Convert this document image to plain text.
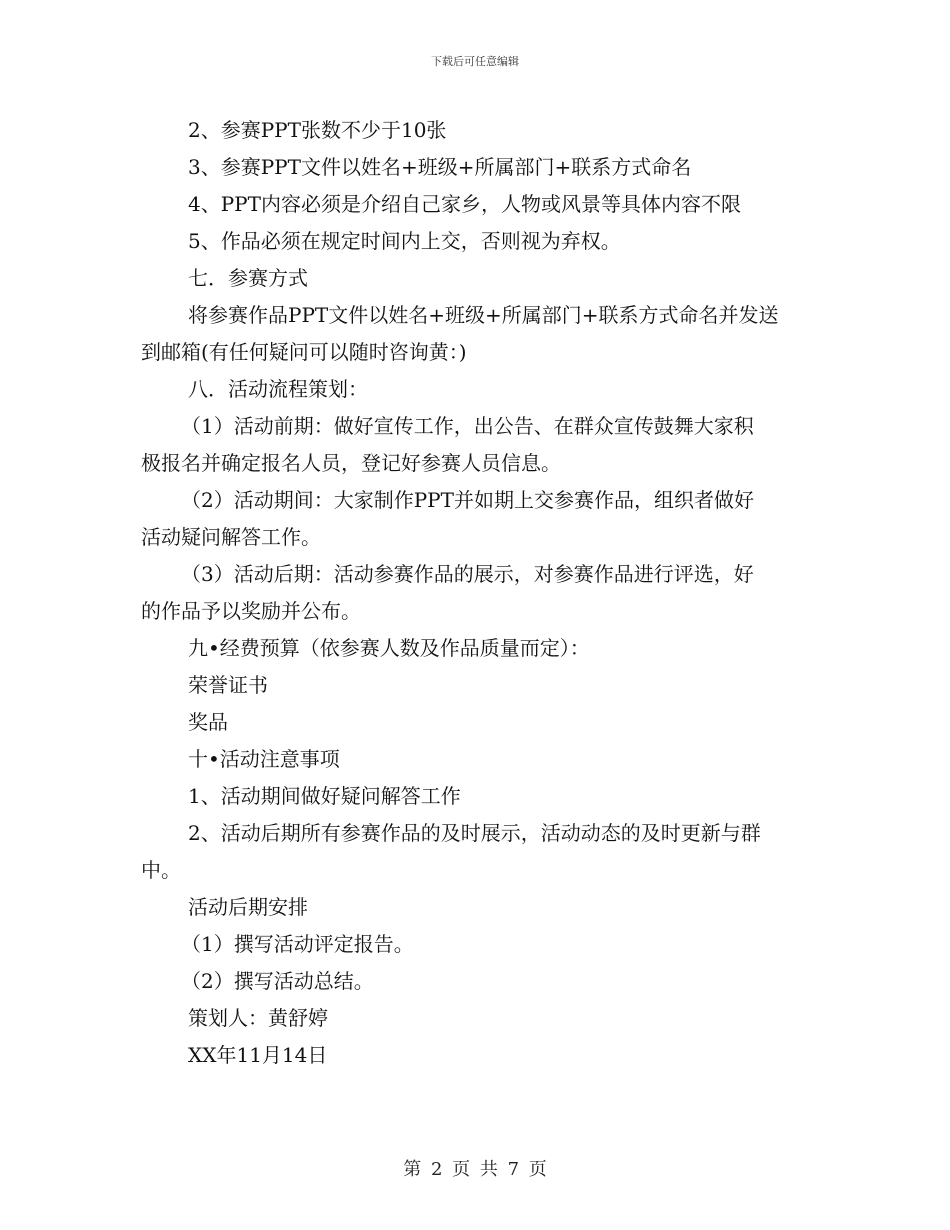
下载后可任意编辑

2、参赛PPT张数不少于10张

3、参赛PPT文件以姓名+班级+所属部门+联系方式命名

4、PPT内容必须是介绍自己家乡，人物或风景等具体内容不限

5、作品必须在规定时间内上交，否则视为弃权。

七．参赛方式

将参赛作品PPT文件以姓名+班级+所属部门+联系方式命名并发送

到邮箱(有任何疑问可以随时咨询黄：)

八．活动流程策划：

（1）活动前期：做好宣传工作，出公告、在群众宣传鼓舞大家积

极报名并确定报名人员，登记好参赛人员信息。

（2）活动期间：大家制作PPT并如期上交参赛作品，组织者做好

活动疑问解答工作。

（3）活动后期：活动参赛作品的展示，对参赛作品进行评选，好

的作品予以奖励并公布。

九•经费预算（依参赛人数及作品质量而定）：

荣誉证书

奖品

十•活动注意事项

1、活动期间做好疑问解答工作

2、活动后期所有参赛作品的及时展示，活动动态的及时更新与群

中。

活动后期安排

（1）撰写活动评定报告。

（2）撰写活动总结。

策划人：黄舒婷

XX年11月14日

第 2 页 共 7 页
